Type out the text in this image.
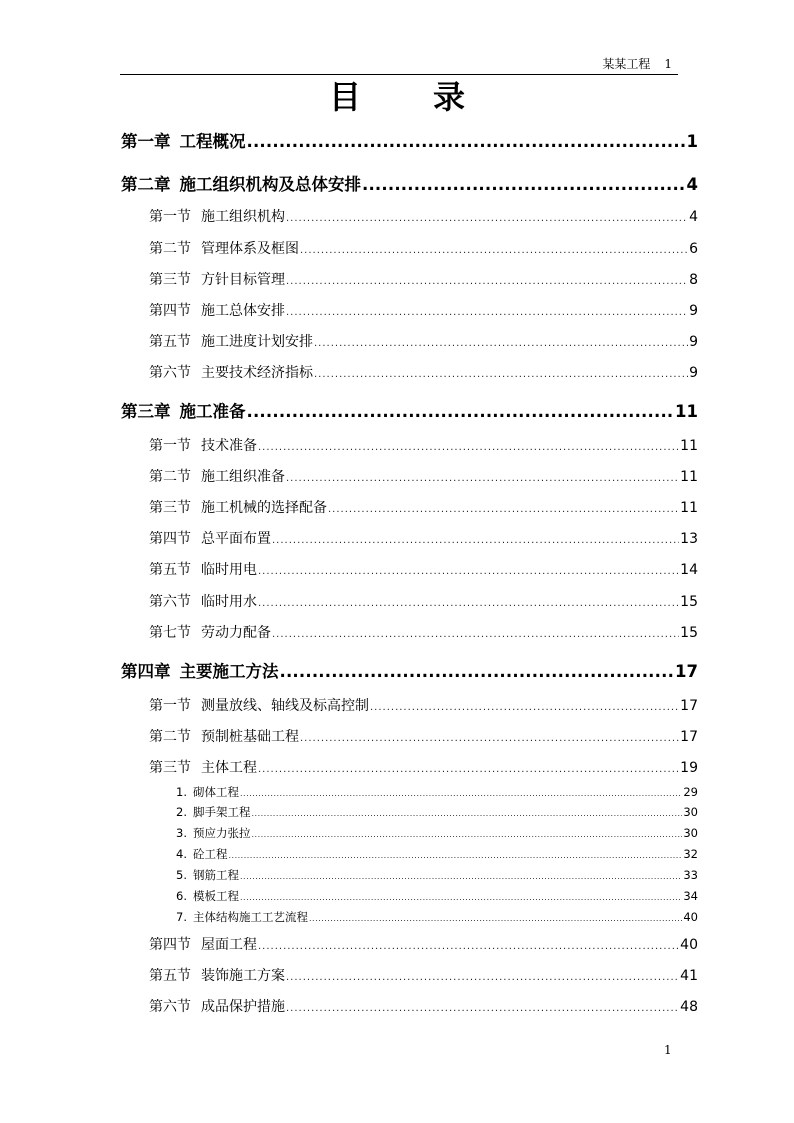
某某工程 1
目 录
第一章 工程概况 .....	1
第二章 施工组织机构及总体安排 .....	4
第一节 施工组织机构 .....	4
第二节 管理体系及框图 .....	6
第三节 方针目标管理 .....	8
第四节 施工总体安排 .....	9
第五节 施工进度计划安排 .....	9
第六节 主要技术经济指标 .....	9
第三章 施工准备 .....	11
第一节 技术准备 .....	11
第二节 施工组织准备 .....	11
第三节 施工机械的选择配备 .....	11
第四节 总平面布置 .....	13
第五节 临时用电 .....	14
第六节 临时用水 .....	15
第七节 劳动力配备 .....	15
第四章 主要施工方法 .....	17
第一节 测量放线、轴线及标高控制 .....	17
第二节 预制桩基础工程 .....	17
第三节 主体工程 .....	19
1. 砌体工程 .....	29
2. 脚手架工程 .....	30
3. 预应力张拉 .....	30
4. 砼工程 .....	32
5. 钢筋工程 .....	33
6. 模板工程 .....	34
7. 主体结构施工工艺流程 .....	40
第四节 屋面工程 .....	40
第五节 装饰施工方案 .....	41
第六节 成品保护措施 .....	48
1
